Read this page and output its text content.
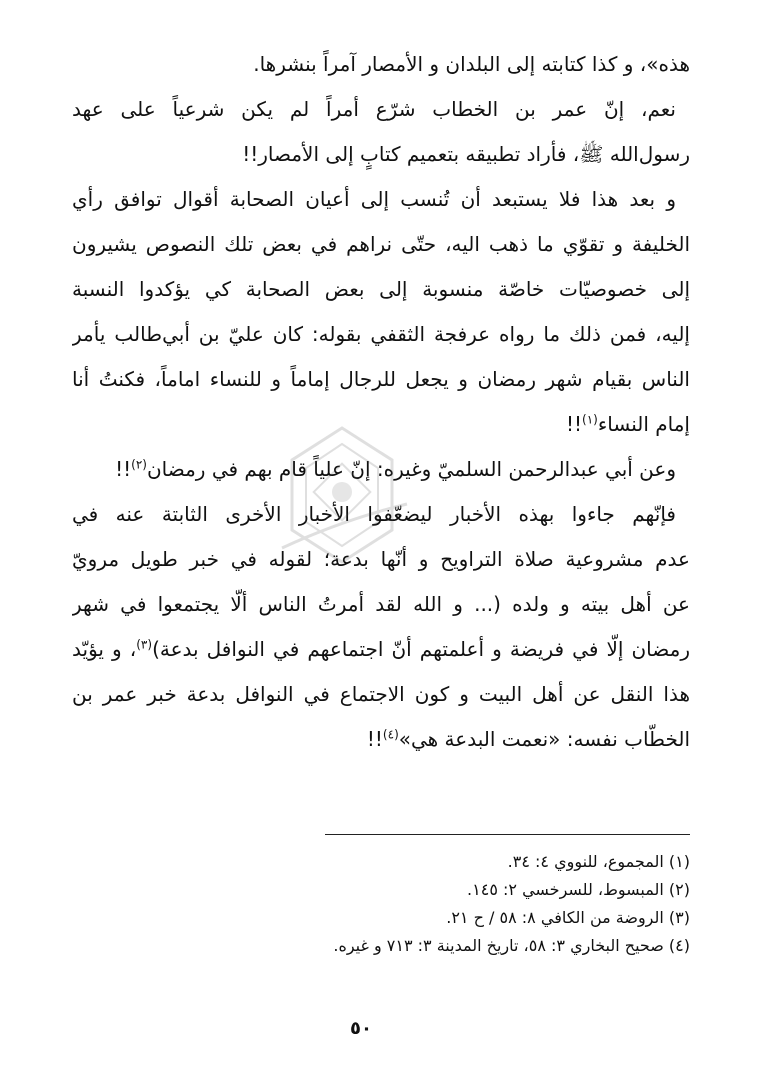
هذه»، و كذا كتابته إلى البلدان و الأمصار آمراً بنشرها.
نعم، إنّ عمر بن الخطاب شرّع أمراً لم يكن شرعياً على عهد
رسول‌الله ﷺ، فأراد تطبيقه بتعميم كتابٍ إلى الأمصار!!
و بعد هذا فلا يستبعد أن تُنسب إلى أعيان الصحابة أقوال توافق رأي
الخليفة و تقوّي ما ذهب اليه، حتّى نراهم في بعض تلك النصوص يشيرون
إلى خصوصيّات خاصّة منسوبة إلى بعض الصحابة كي يؤكدوا النسبة
إليه، فمن ذلك ما رواه عرفجة الثقفي بقوله: كان عليّ بن أبي‌طالب يأمر
الناس بقيام شهر رمضان و يجعل للرجال إماماً و للنساء اماماً، فكنتُ أنا
إمام النساء$^{(١)}$!!
وعن أبي عبدالرحمن السلميّ وغيره: إنّ علياً قام بهم في رمضان$^{(٢)}$!!
فإنّهم جاءوا بهذه الأخبار ليضعّفوا الأخبار الأخرى الثابتة عنه في
عدم مشروعية صلاة التراويح و أنّها بدعة؛ لقوله في خبر طويل مرويّ
عن أهل بيته و ولده (... و الله لقد أمرتُ الناس ألّا يجتمعوا في شهر
رمضان إلّا في فريضة و أعلمتهم أنّ اجتماعهم في النوافل بدعة)$^{(٣)}$، و يؤيّد
هذا النقل عن أهل البيت و كون الاجتماع في النوافل بدعة خبر عمر بن
الخطّاب نفسه: «نعمت البدعة هي»$^{(٤)}$!!
(١) المجموع، للنووي ٤: ٣٤.
(٢) المبسوط، للسرخسي ٢: ١٤٥.
(٣) الروضة من الكافي ٨: ٥٨ / ح ٢١.
(٤) صحيح البخاري ٣: ٥٨، تاريخ المدينة ٣: ٧١٣ و غيره.
٥٠
